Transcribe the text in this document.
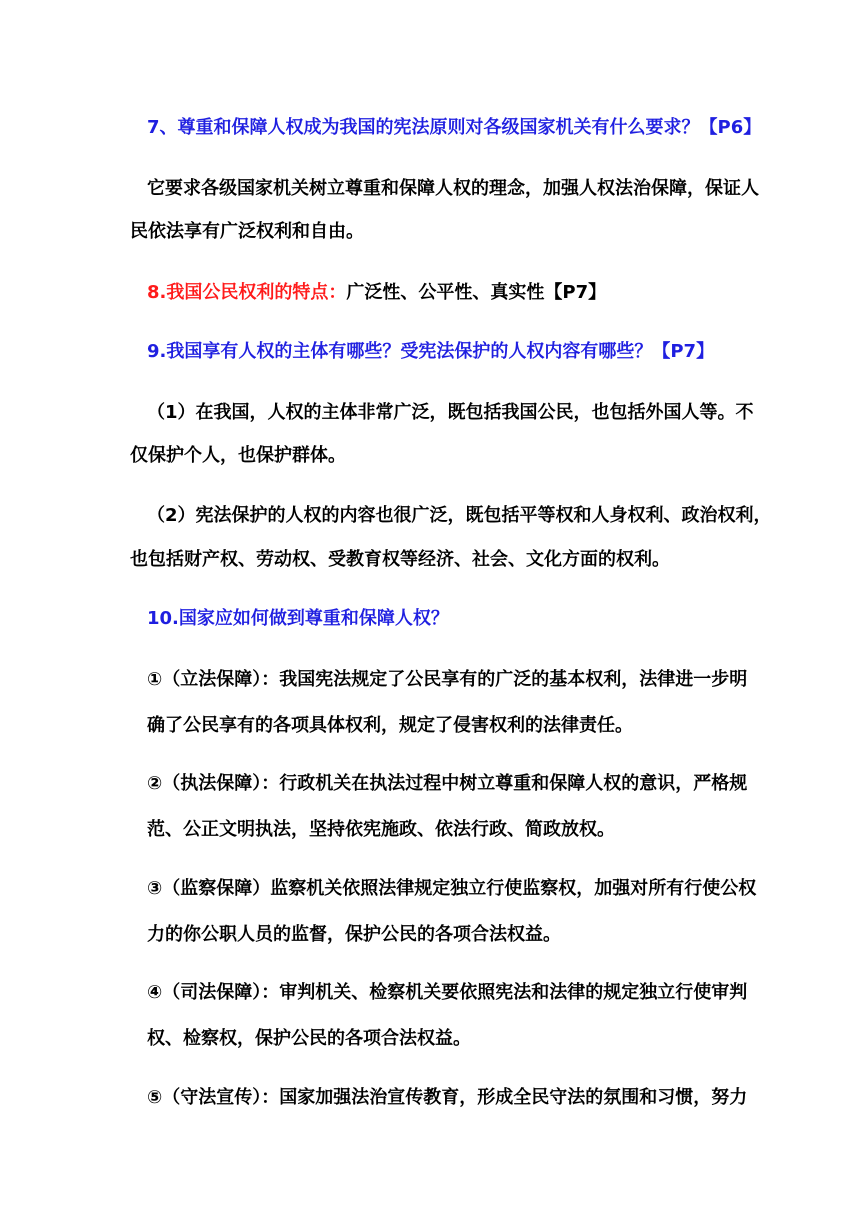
7、尊重和保障人权成为我国的宪法原则对各级国家机关有什么要求？【P6】
它要求各级国家机关树立尊重和保障人权的理念，加强人权法治保障，保证人
民依法享有广泛权利和自由。
8.我国公民权利的特点：广泛性、公平性、真实性【P7】
9.我国享有人权的主体有哪些？受宪法保护的人权内容有哪些？【P7】
（1）在我国，人权的主体非常广泛，既包括我国公民，也包括外国人等。不
仅保护个人，也保护群体。
（2）宪法保护的人权的内容也很广泛，既包括平等权和人身权利、政治权利，
也包括财产权、劳动权、受教育权等经济、社会、文化方面的权利。
10.国家应如何做到尊重和保障人权？
①（立法保障）：我国宪法规定了公民享有的广泛的基本权利，法律进一步明
确了公民享有的各项具体权利，规定了侵害权利的法律责任。
②（执法保障）：行政机关在执法过程中树立尊重和保障人权的意识，严格规
范、公正文明执法，坚持依宪施政、依法行政、简政放权。
③（监察保障）监察机关依照法律规定独立行使监察权，加强对所有行使公权
力的你公职人员的监督，保护公民的各项合法权益。
④（司法保障）：审判机关、检察机关要依照宪法和法律的规定独立行使审判
权、检察权，保护公民的各项合法权益。
⑤（守法宣传）：国家加强法治宣传教育，形成全民守法的氛围和习惯，努力
